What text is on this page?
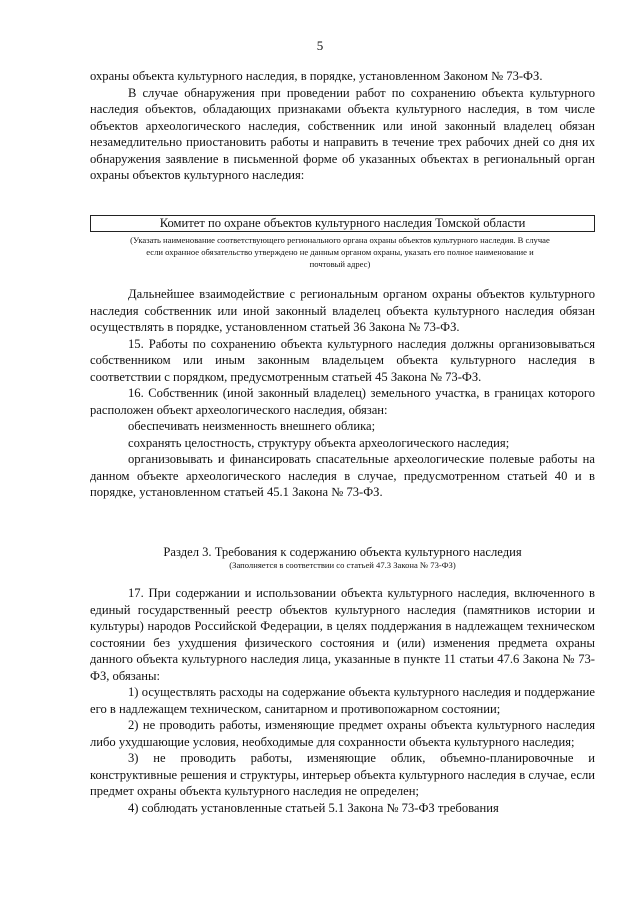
5

охраны объекта культурного наследия, в порядке, установленном Законом № 73-ФЗ.

В случае обнаружения при проведении работ по сохранению объекта культурного наследия объектов, обладающих признаками объекта культурного наследия, в том числе объектов археологического наследия, собственник или иной законный владелец обязан незамедлительно приостановить работы и направить в течение трех рабочих дней со дня их обнаружения заявление в письменной форме об указанных объектах в региональный орган охраны объектов культурного наследия:

Комитет по охране объектов культурного наследия Томской области
(Указать наименование соответствующего регионального органа охраны объектов культурного наследия. В случае если охранное обязательство утверждено не данным органом охраны, указать его полное наименование и почтовый адрес)

Дальнейшее взаимодействие с региональным органом охраны объектов культурного наследия собственник или иной законный владелец объекта культурного наследия обязан осуществлять в порядке, установленном статьей 36 Закона № 73-ФЗ.

15. Работы по сохранению объекта культурного наследия должны организовываться собственником или иным законным владельцем объекта культурного наследия в соответствии с порядком, предусмотренным статьей 45 Закона № 73-ФЗ.

16. Собственник (иной законный владелец) земельного участка, в границах которого расположен объект археологического наследия, обязан:

обеспечивать неизменность внешнего облика;

сохранять целостность, структуру объекта археологического наследия;

организовывать и финансировать спасательные археологические полевые работы на данном объекте археологического наследия в случае, предусмотренном статьей 40 и в порядке, установленном статьей 45.1 Закона № 73-ФЗ.

Раздел 3. Требования к содержанию объекта культурного наследия
(Заполняется в соответствии со статьей 47.3 Закона № 73-ФЗ)

17. При содержании и использовании объекта культурного наследия, включенного в единый государственный реестр объектов культурного наследия (памятников истории и культуры) народов Российской Федерации, в целях поддержания в надлежащем техническом состоянии без ухудшения физического состояния и (или) изменения предмета охраны данного объекта культурного наследия лица, указанные в пункте 11 статьи 47.6 Закона № 73-ФЗ, обязаны:

1) осуществлять расходы на содержание объекта культурного наследия и поддержание его в надлежащем техническом, санитарном и противопожарном состоянии;

2) не проводить работы, изменяющие предмет охраны объекта культурного наследия либо ухудшающие условия, необходимые для сохранности объекта культурного наследия;

3) не проводить работы, изменяющие облик, объемно-планировочные и конструктивные решения и структуры, интерьер объекта культурного наследия в случае, если предмет охраны объекта культурного наследия не определен;

4) соблюдать установленные статьей 5.1 Закона № 73-ФЗ требования
